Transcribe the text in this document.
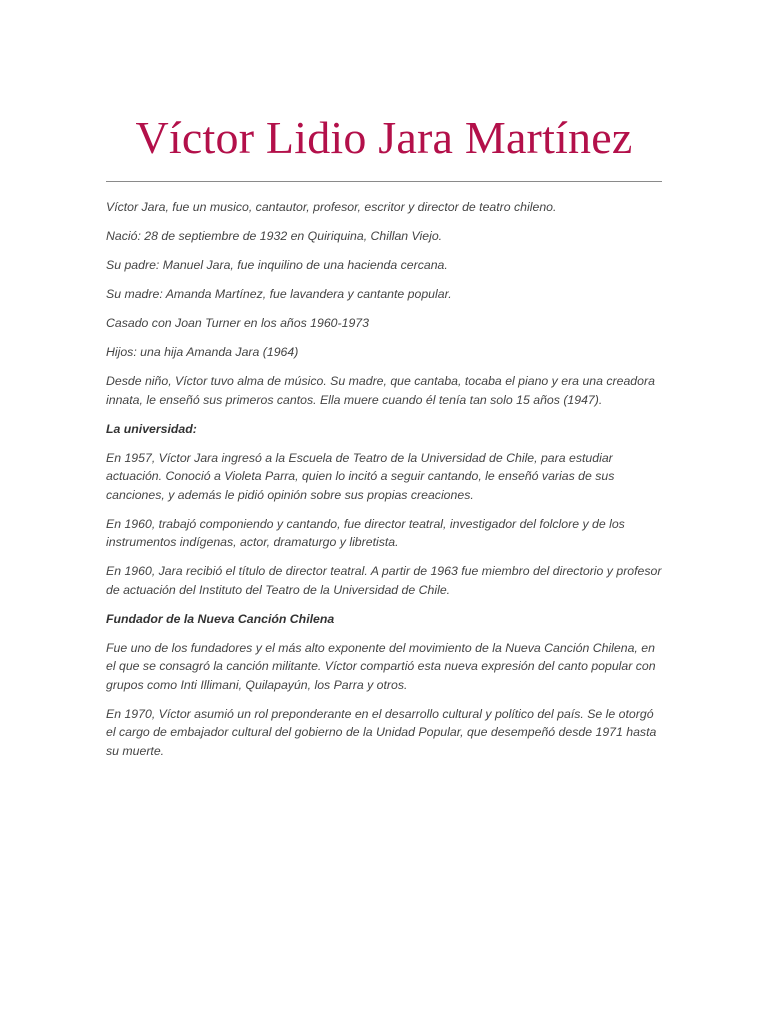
Víctor Lidio Jara Martínez

Víctor Jara, fue un musico, cantautor, profesor, escritor y director de teatro chileno.

Nació: 28 de septiembre de 1932 en Quiriquina, Chillan Viejo.

Su padre: Manuel Jara, fue inquilino de una hacienda cercana.

Su madre: Amanda Martínez, fue lavandera y cantante popular.

Casado con Joan Turner en los años 1960-1973

Hijos: una hija Amanda Jara (1964)

Desde niño, Víctor tuvo alma de músico. Su madre, que cantaba, tocaba el piano y era una creadora innata, le enseñó sus primeros cantos. Ella muere cuando él tenía tan solo 15 años (1947).

La universidad:

En 1957, Víctor Jara ingresó a la Escuela de Teatro de la Universidad de Chile, para estudiar actuación. Conoció a Violeta Parra, quien lo incitó a seguir cantando, le enseñó varias de sus canciones, y además le pidió opinión sobre sus propias creaciones.

En 1960, trabajó componiendo y cantando, fue director teatral, investigador del folclore y de los instrumentos indígenas, actor, dramaturgo y libretista.

En 1960, Jara recibió el título de director teatral. A partir de 1963 fue miembro del directorio y profesor de actuación del Instituto del Teatro de la Universidad de Chile.

Fundador de la Nueva Canción Chilena

Fue uno de los fundadores y el más alto exponente del movimiento de la Nueva Canción Chilena, en el que se consagró la canción militante. Víctor compartió esta nueva expresión del canto popular con grupos como Inti Illimani, Quilapayún, los Parra y otros.

En 1970, Víctor asumió un rol preponderante en el desarrollo cultural y político del país. Se le otorgó el cargo de embajador cultural del gobierno de la Unidad Popular, que desempeñó desde 1971 hasta su muerte.
